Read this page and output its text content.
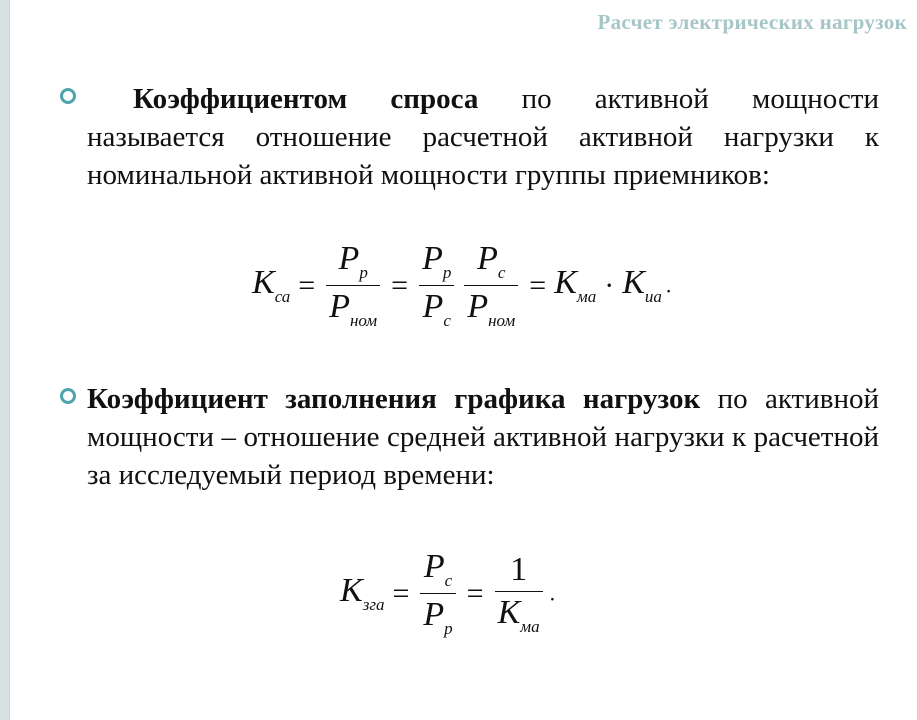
Расчет электрических нагрузок
Коэффициентом спроса по активной мощности называется отношение расчетной активной нагрузки к номинальной активной мощности группы приемников:
Kса = $\frac{Pр}{\text{Pном}} = \frac{Pр}{Pс}$
$\frac{Pс}{\text{Pном}}$ = Kма · Kиа .
Коэффициент заполнения графика нагрузок по активной мощности – отношение средней активной нагрузки к расчетной за исследуемый период времени:
Kзга = $\frac{Pс}{Pр} = \frac{1}{\text{Kма}}$ .
